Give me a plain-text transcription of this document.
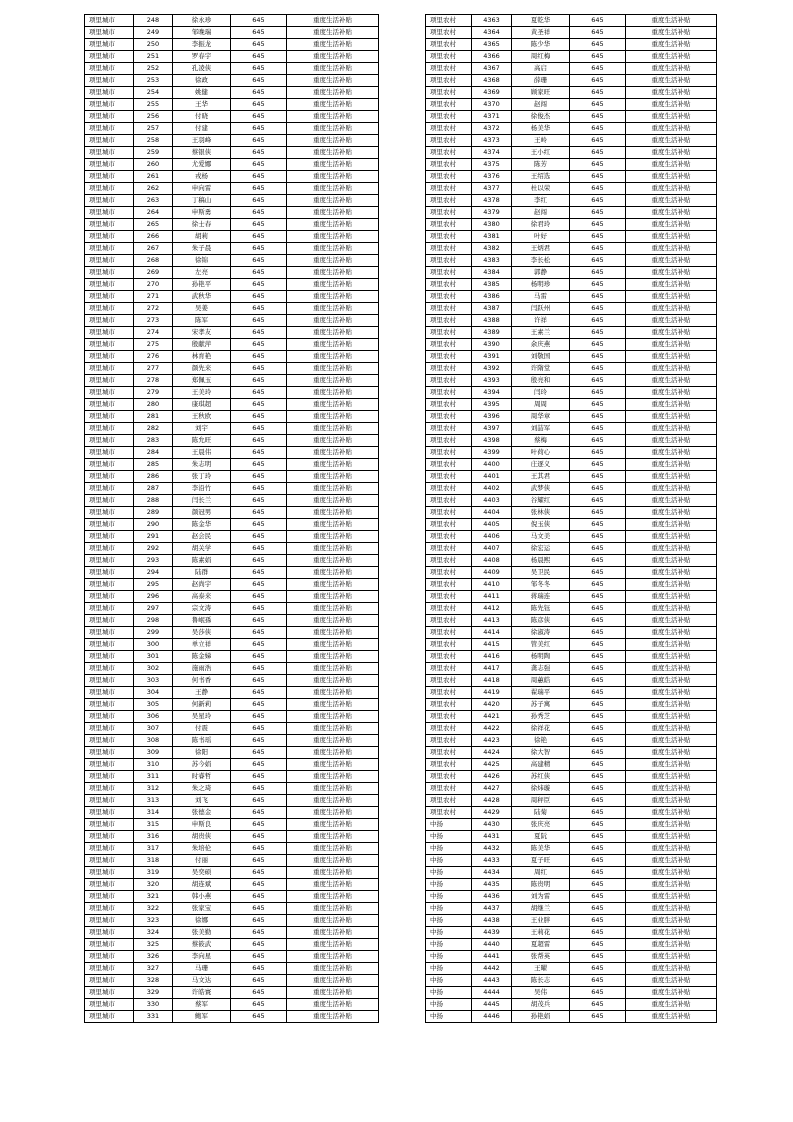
项里城市	248	徐永珍	645	重度生活补贴
项里城市	249	邹晚瑞	645	重度生活补贴
项里城市	250	李振龙	645	重度生活补贴
项里城市	251	罗春宇	645	重度生活补贴
项里城市	252	孔凌侠	645	重度生活补贴
项里城市	253	徐政	645	重度生活补贴
项里城市	254	姚健	645	重度生活补贴
项里城市	255	王华	645	重度生活补贴
项里城市	256	付晓	645	重度生活补贴
项里城市	257	付建	645	重度生活补贴
项里城市	258	王羽峰	645	重度生活补贴
项里城市	259	蔡银侠	645	重度生活补贴
项里城市	260	尤爱娜	645	重度生活补贴
项里城市	261	戎杨	645	重度生活补贴
项里城市	262	申向雷	645	重度生活补贴
项里城市	263	丁稿山	645	重度生活补贴
项里城市	264	申斯勇	645	重度生活补贴
项里城市	265	徐士春	645	重度生活补贴
项里城市	266	胡莉	645	重度生活补贴
项里城市	267	朱子晨	645	重度生活补贴
项里城市	268	徐锦	645	重度生活补贴
项里城市	269	左亮	645	重度生活补贴
项里城市	270	孙艳平	645	重度生活补贴
项里城市	271	武秋华	645	重度生活补贴
项里城市	272	吴姜	645	重度生活补贴
项里城市	273	陈军	645	重度生活补贴
项里城市	274	宋孝友	645	重度生活补贴
项里城市	275	殷献萍	645	重度生活补贴
项里城市	276	林育艳	645	重度生活补贴
项里城市	277	颜先来	645	重度生活补贴
项里城市	278	郑佩玉	645	重度生活补贴
项里城市	279	王美玲	645	重度生活补贴
项里城市	280	康琪超	645	重度生活补贴
项里城市	281	王秋欧	645	重度生活补贴
项里城市	282	刘宇	645	重度生活补贴
项里城市	283	陈允旺	645	重度生活补贴
项里城市	284	王晨伟	645	重度生活补贴
项里城市	285	朱志明	645	重度生活补贴
项里城市	286	张丁玲	645	重度生活补贴
项里城市	287	李沿竹	645	重度生活补贴
项里城市	288	闫长兰	645	重度生活补贴
项里城市	289	颜冠男	645	重度生活补贴
项里城市	290	陈金华	645	重度生活补贴
项里城市	291	赵会民	645	重度生活补贴
项里城市	292	胡关学	645	重度生活补贴
项里城市	293	陈素娟	645	重度生活补贴
项里城市	294	陆群	645	重度生活补贴
项里城市	295	赵尚宇	645	重度生活补贴
项里城市	296	高泰来	645	重度生活补贴
项里城市	297	宗文涛	645	重度生活补贴
项里城市	298	鲁岷孫	645	重度生活补贴
项里城市	299	吴莎侠	645	重度生活补贴
项里城市	300	单立祥	645	重度生活补贴
项里城市	301	陈金娣	645	重度生活补贴
项里城市	302	施雨浩	645	重度生活补贴
项里城市	303	何书香	645	重度生活补贴
项里城市	304	王静	645	重度生活补贴
项里城市	305	何新莉	645	重度生活补贴
项里城市	306	吴星玲	645	重度生活补贴
项里城市	307	付震	645	重度生活补贴
项里城市	308	陈书瑶	645	重度生活补贴
项里城市	309	徐阳	645	重度生活补贴
项里城市	310	苏今娟	645	重度生活补贴
项里城市	311	时睿哲	645	重度生活补贴
项里城市	312	朱之琦	645	重度生活补贴
项里城市	313	刘飞	645	重度生活补贴
项里城市	314	张德金	645	重度生活补贴
项里城市	315	申斯良	645	重度生活补贴
项里城市	316	胡贵侠	645	重度生活补贴
项里城市	317	朱培伦	645	重度生活补贴
项里城市	318	付丽	645	重度生活补贴
项里城市	319	吴奕硕	645	重度生活补贴
项里城市	320	胡连斌	645	重度生活补贴
项里城市	321	韩小燕	645	重度生活补贴
项里城市	322	张家宝	645	重度生活补贴
项里城市	323	徐娜	645	重度生活补贴
项里城市	324	张美勤	645	重度生活补贴
项里城市	325	蔡筱武	645	重度生活补贴
项里城市	326	李向星	645	重度生活补贴
项里城市	327	马珊	645	重度生活补贴
项里城市	328	马文达	645	重度生活补贴
项里城市	329	许皓寰	645	重度生活补贴
项里城市	330	蔡军	645	重度生活补贴
项里城市	331	鲍军	645	重度生活补贴
项里农村	4363	夏乾华	645	重度生活补贴
项里农村	4364	黄圣祥	645	重度生活补贴
项里农村	4365	陈少华	645	重度生活补贴
项里农村	4366	周红梅	645	重度生活补贴
项里农村	4367	高启	645	重度生活补贴
项里农村	4368	薛珊	645	重度生活补贴
项里农村	4369	顾家旺	645	重度生活补贴
项里农村	4370	赵闯	645	重度生活补贴
项里农村	4371	徐俊杰	645	重度生活补贴
项里农村	4372	杨美华	645	重度生活补贴
项里农村	4373	王岭	645	重度生活补贴
项里农村	4374	王小红	645	重度生活补贴
项里农村	4375	陈芳	645	重度生活补贴
项里农村	4376	王绍选	645	重度生活补贴
项里农村	4377	杜以荣	645	重度生活补贴
项里农村	4378	李红	645	重度生活补贴
项里农村	4379	赵闯	645	重度生活补贴
项里农村	4380	徐君玲	645	重度生活补贴
项里农村	4381	叶好	645	重度生活补贴
项里农村	4382	王炳君	645	重度生活补贴
项里农村	4383	李长松	645	重度生活补贴
项里农村	4384	郭静	645	重度生活补贴
项里农村	4385	杨明珍	645	重度生活补贴
项里农村	4386	马雷	645	重度生活补贴
项里农村	4387	闫跃州	645	重度生活补贴
项里农村	4388	许祥	645	重度生活补贴
项里农村	4389	王素兰	645	重度生活补贴
项里农村	4390	余庆燕	645	重度生活补贴
项里农村	4391	刘敬国	645	重度生活补贴
项里农村	4392	许隋堂	645	重度生活补贴
项里农村	4393	殷亮和	645	重度生活补贴
项里农村	4394	闫玲	645	重度生活补贴
项里农村	4395	周周	645	重度生活补贴
项里农村	4396	周华章	645	重度生活补贴
项里农村	4397	刘喆军	645	重度生活补贴
项里农村	4398	蔡梅	645	重度生活补贴
项里农村	4399	叶荷心	645	重度生活补贴
项里农村	4400	庄逐义	645	重度生活补贴
项里农村	4401	王其君	645	重度生活补贴
项里农村	4402	武梦侠	645	重度生活补贴
项里农村	4403	谷耀红	645	重度生活补贴
项里农村	4404	张林侠	645	重度生活补贴
项里农村	4405	倪玉侠	645	重度生活补贴
项里农村	4406	马文美	645	重度生活补贴
项里农村	4407	徐宏运	645	重度生活补贴
项里农村	4408	杨晨熙	645	重度生活补贴
项里农村	4409	吴卫民	645	重度生活补贴
项里农村	4410	邹冬冬	645	重度生活补贴
项里农村	4411	蒋瑞连	645	重度生活补贴
项里农村	4412	陈先钰	645	重度生活补贴
项里农村	4413	陈彦侠	645	重度生活补贴
项里农村	4414	徐淑涛	645	重度生活补贴
项里农村	4415	管美红	645	重度生活补贴
项里农村	4416	杨明陶	645	重度生活补贴
项里农村	4417	龚志强	645	重度生活补贴
项里农村	4418	周蕙皓	645	重度生活补贴
项里农村	4419	翟瑞平	645	重度生活补贴
项里农村	4420	苏子寓	645	重度生活补贴
项里农村	4421	孙秀芝	645	重度生活补贴
项里农村	4422	徐祥花	645	重度生活补贴
项里农村	4423	徐艳	645	重度生活补贴
项里农村	4424	徐大智	645	重度生活补贴
项里农村	4425	高建精	645	重度生活补贴
项里农村	4426	苏红侠	645	重度生活补贴
项里农村	4427	徐炜璇	645	重度生活补贴
项里农村	4428	周秤臣	645	重度生活补贴
项里农村	4429	陆菊	645	重度生活补贴
中扬	4430	张庆亮	645	重度生活补贴
中扬	4431	夏阮	645	重度生活补贴
中扬	4432	陈美华	645	重度生活补贴
中扬	4433	夏子旺	645	重度生活补贴
中扬	4434	周红	645	重度生活补贴
中扬	4435	陈贵明	645	重度生活补贴
中扬	4436	刘为雷	645	重度生活补贴
中扬	4437	胡继兰	645	重度生活补贴
中扬	4438	王业胖	645	重度生活补贴
中扬	4439	王莉花	645	重度生活补贴
中扬	4440	夏超雷	645	重度生活补贴
中扬	4441	张帮英	645	重度生活补贴
中扬	4442	王曜	645	重度生活补贴
中扬	4443	陈长志	645	重度生活补贴
中扬	4444	吴伟	645	重度生活补贴
中扬	4445	胡茂兵	645	重度生活补贴
中扬	4446	孙艳娟	645	重度生活补贴
